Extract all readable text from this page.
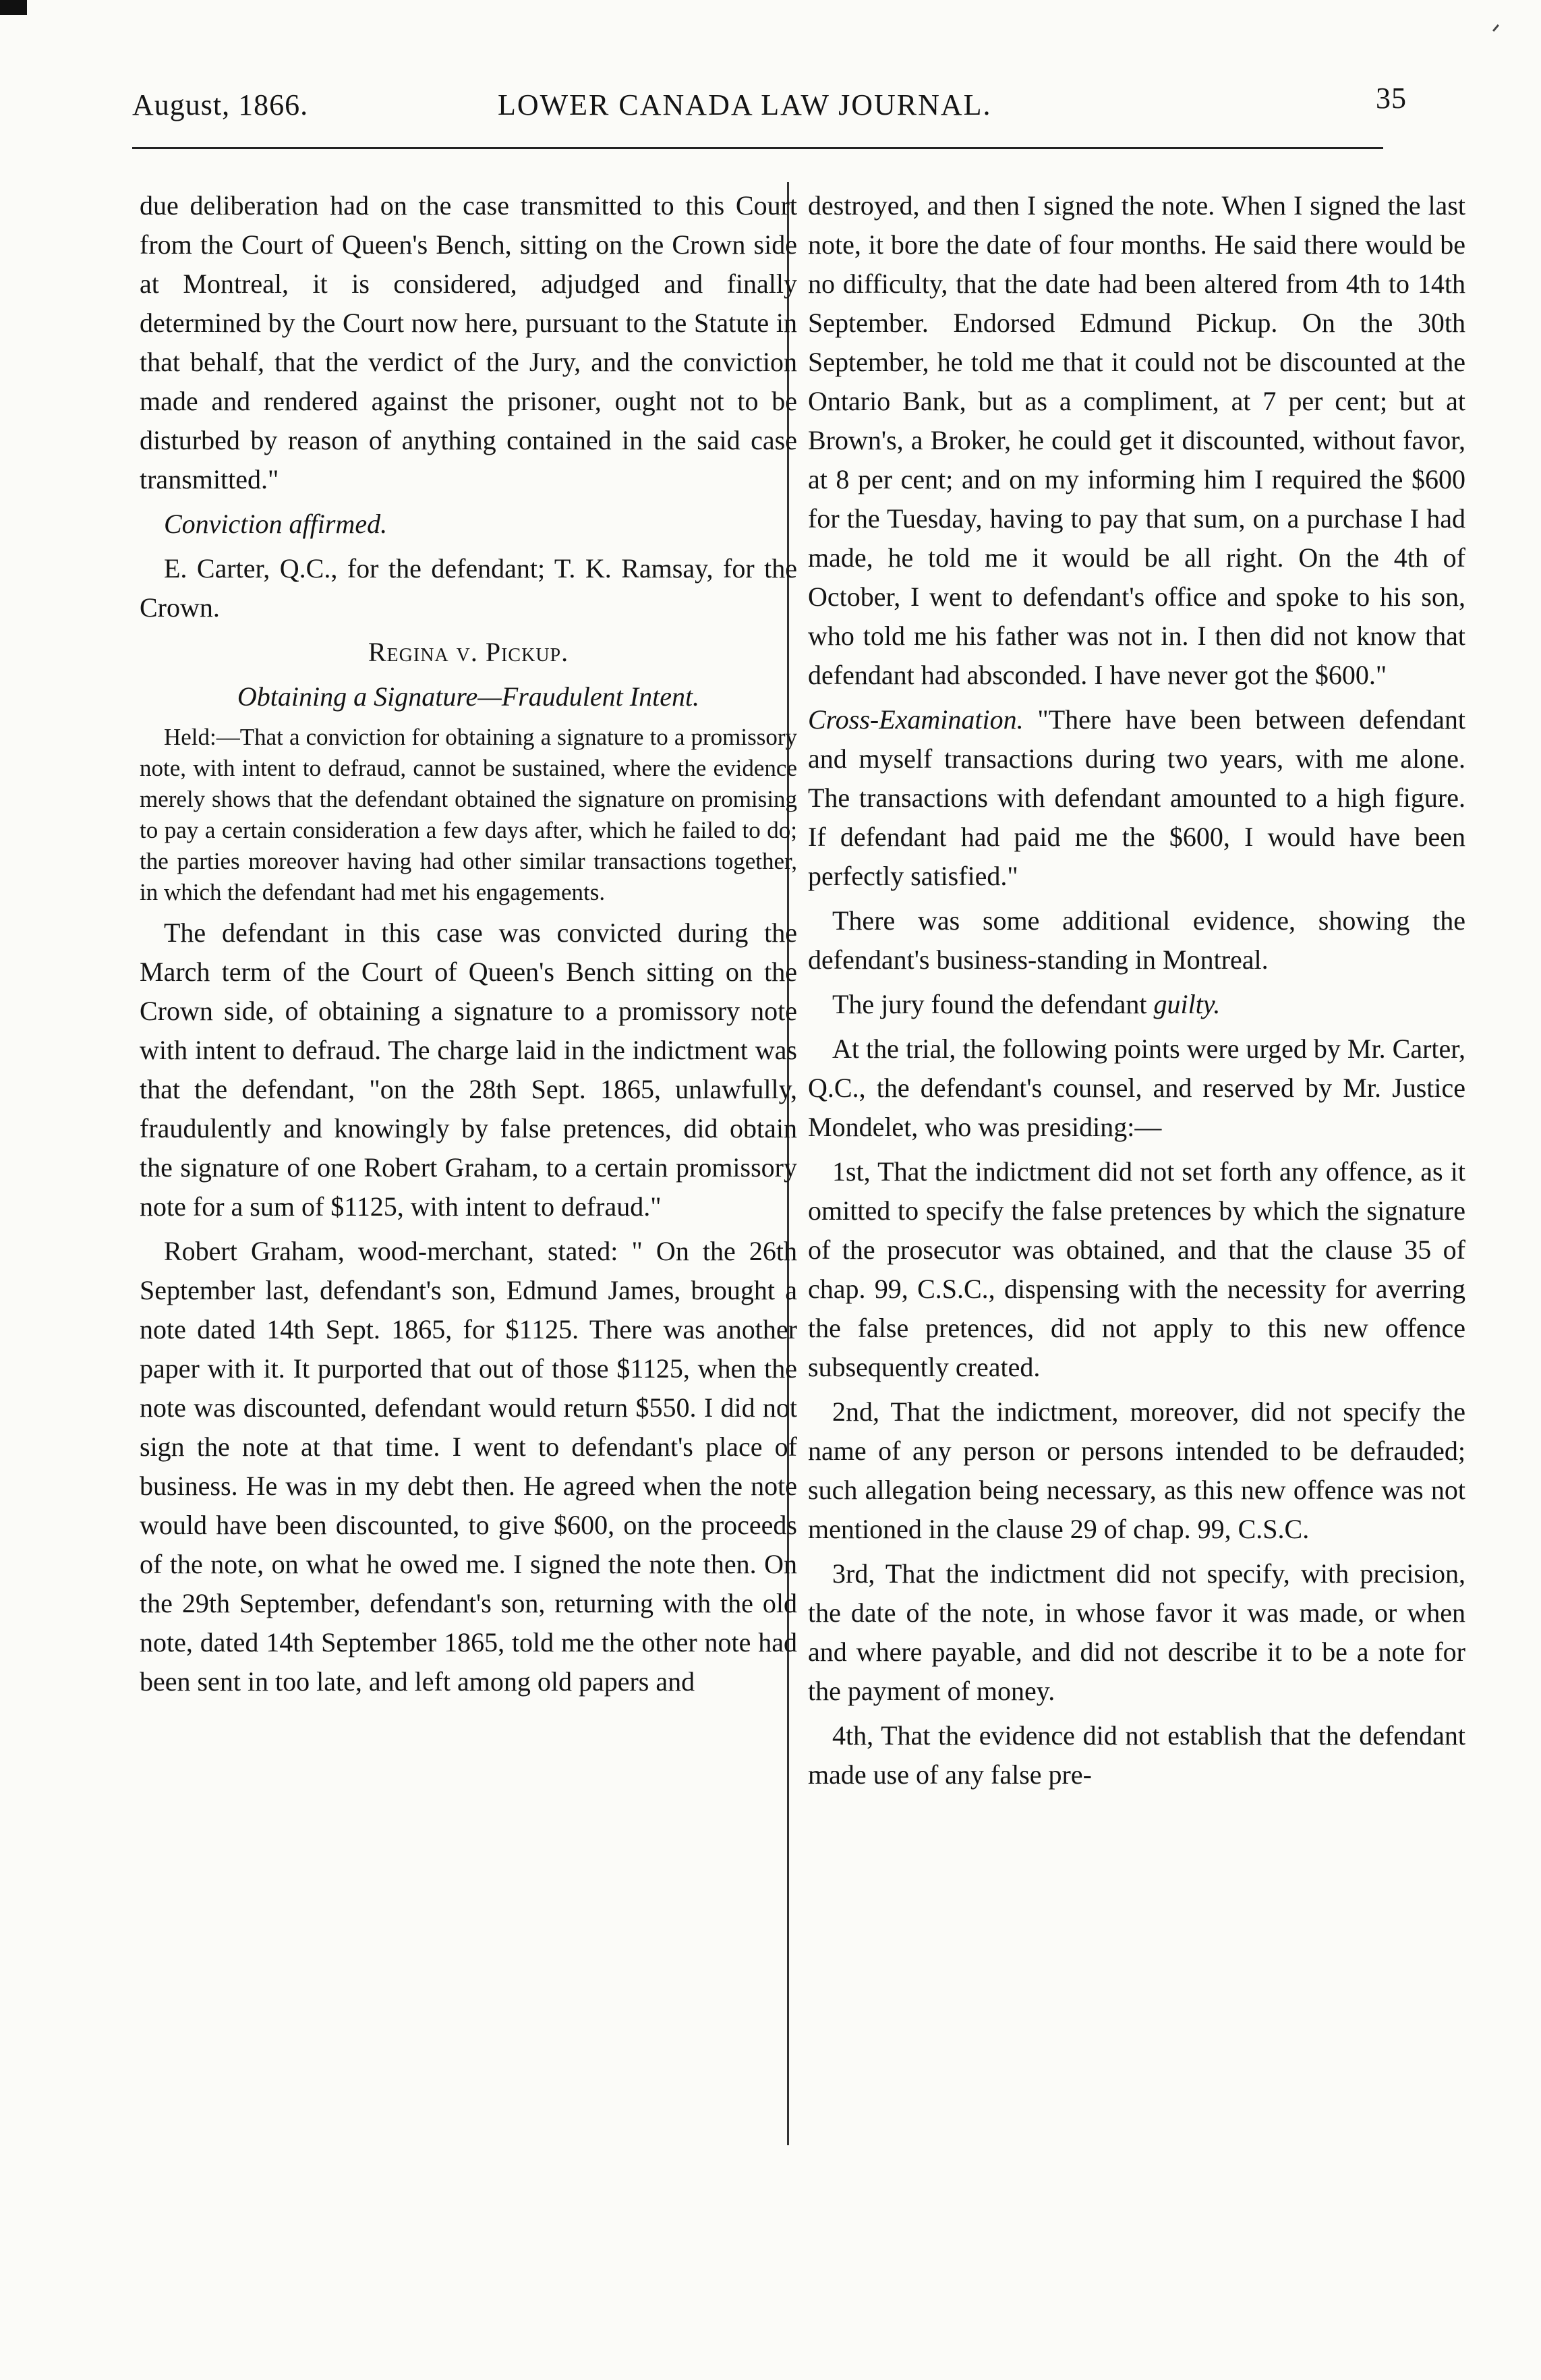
August, 1866.	LOWER CANADA LAW JOURNAL.	35

due deliberation had on the case transmitted to this Court from the Court of Queen's Bench, sitting on the Crown side at Montreal, it is considered, adjudged and finally determined by the Court now here, pursuant to the Statute in that behalf, that the verdict of the Jury, and the conviction made and rendered against the prisoner, ought not to be disturbed by reason of anything contained in the said case transmitted."

Conviction affirmed.

E. Carter, Q.C., for the defendant; T. K. Ramsay, for the Crown.

Regina v. Pickup.

Obtaining a Signature—Fraudulent Intent.

Held:—That a conviction for obtaining a signature to a promissory note, with intent to defraud, cannot be sustained, where the evidence merely shows that the defendant obtained the signature on promising to pay a certain consideration a few days after, which he failed to do; the parties moreover having had other similar transactions together, in which the defendant had met his engagements.

The defendant in this case was convicted during the March term of the Court of Queen's Bench sitting on the Crown side, of obtaining a signature to a promissory note with intent to defraud. The charge laid in the indictment was that the defendant, "on the 28th Sept. 1865, unlawfully, fraudulently and knowingly by false pretences, did obtain the signature of one Robert Graham, to a certain promissory note for a sum of $1125, with intent to defraud."

Robert Graham, wood-merchant, stated: " On the 26th September last, defendant's son, Edmund James, brought a note dated 14th Sept. 1865, for $1125. There was another paper with it. It purported that out of those $1125, when the note was discounted, defendant would return $550. I did not sign the note at that time. I went to defendant's place of business. He was in my debt then. He agreed when the note would have been discounted, to give $600, on the proceeds of the note, on what he owed me. I signed the note then. On the 29th September, defendant's son, returning with the old note, dated 14th September 1865, told me the other note had been sent in too late, and left among old papers and

destroyed, and then I signed the note. When I signed the last note, it bore the date of four months. He said there would be no difficulty, that the date had been altered from 4th to 14th September. Endorsed Edmund Pickup. On the 30th September, he told me that it could not be discounted at the Ontario Bank, but as a compliment, at 7 per cent; but at Brown's, a Broker, he could get it discounted, without favor, at 8 per cent; and on my informing him I required the $600 for the Tuesday, having to pay that sum, on a purchase I had made, he told me it would be all right. On the 4th of October, I went to defendant's office and spoke to his son, who told me his father was not in. I then did not know that defendant had absconded. I have never got the $600."

Cross-Examination. "There have been between defendant and myself transactions during two years, with me alone. The transactions with defendant amounted to a high figure. If defendant had paid me the $600, I would have been perfectly satisfied."

There was some additional evidence, showing the defendant's business-standing in Montreal.

The jury found the defendant guilty.

At the trial, the following points were urged by Mr. Carter, Q.C., the defendant's counsel, and reserved by Mr. Justice Mondelet, who was presiding:—

1st, That the indictment did not set forth any offence, as it omitted to specify the false pretences by which the signature of the prosecutor was obtained, and that the clause 35 of chap. 99, C.S.C., dispensing with the necessity for averring the false pretences, did not apply to this new offence subsequently created.

2nd, That the indictment, moreover, did not specify the name of any person or persons intended to be defrauded; such allegation being necessary, as this new offence was not mentioned in the clause 29 of chap. 99, C.S.C.

3rd, That the indictment did not specify, with precision, the date of the note, in whose favor it was made, or when and where payable, and did not describe it to be a note for the payment of money.

4th, That the evidence did not establish that the defendant made use of any false pre-
